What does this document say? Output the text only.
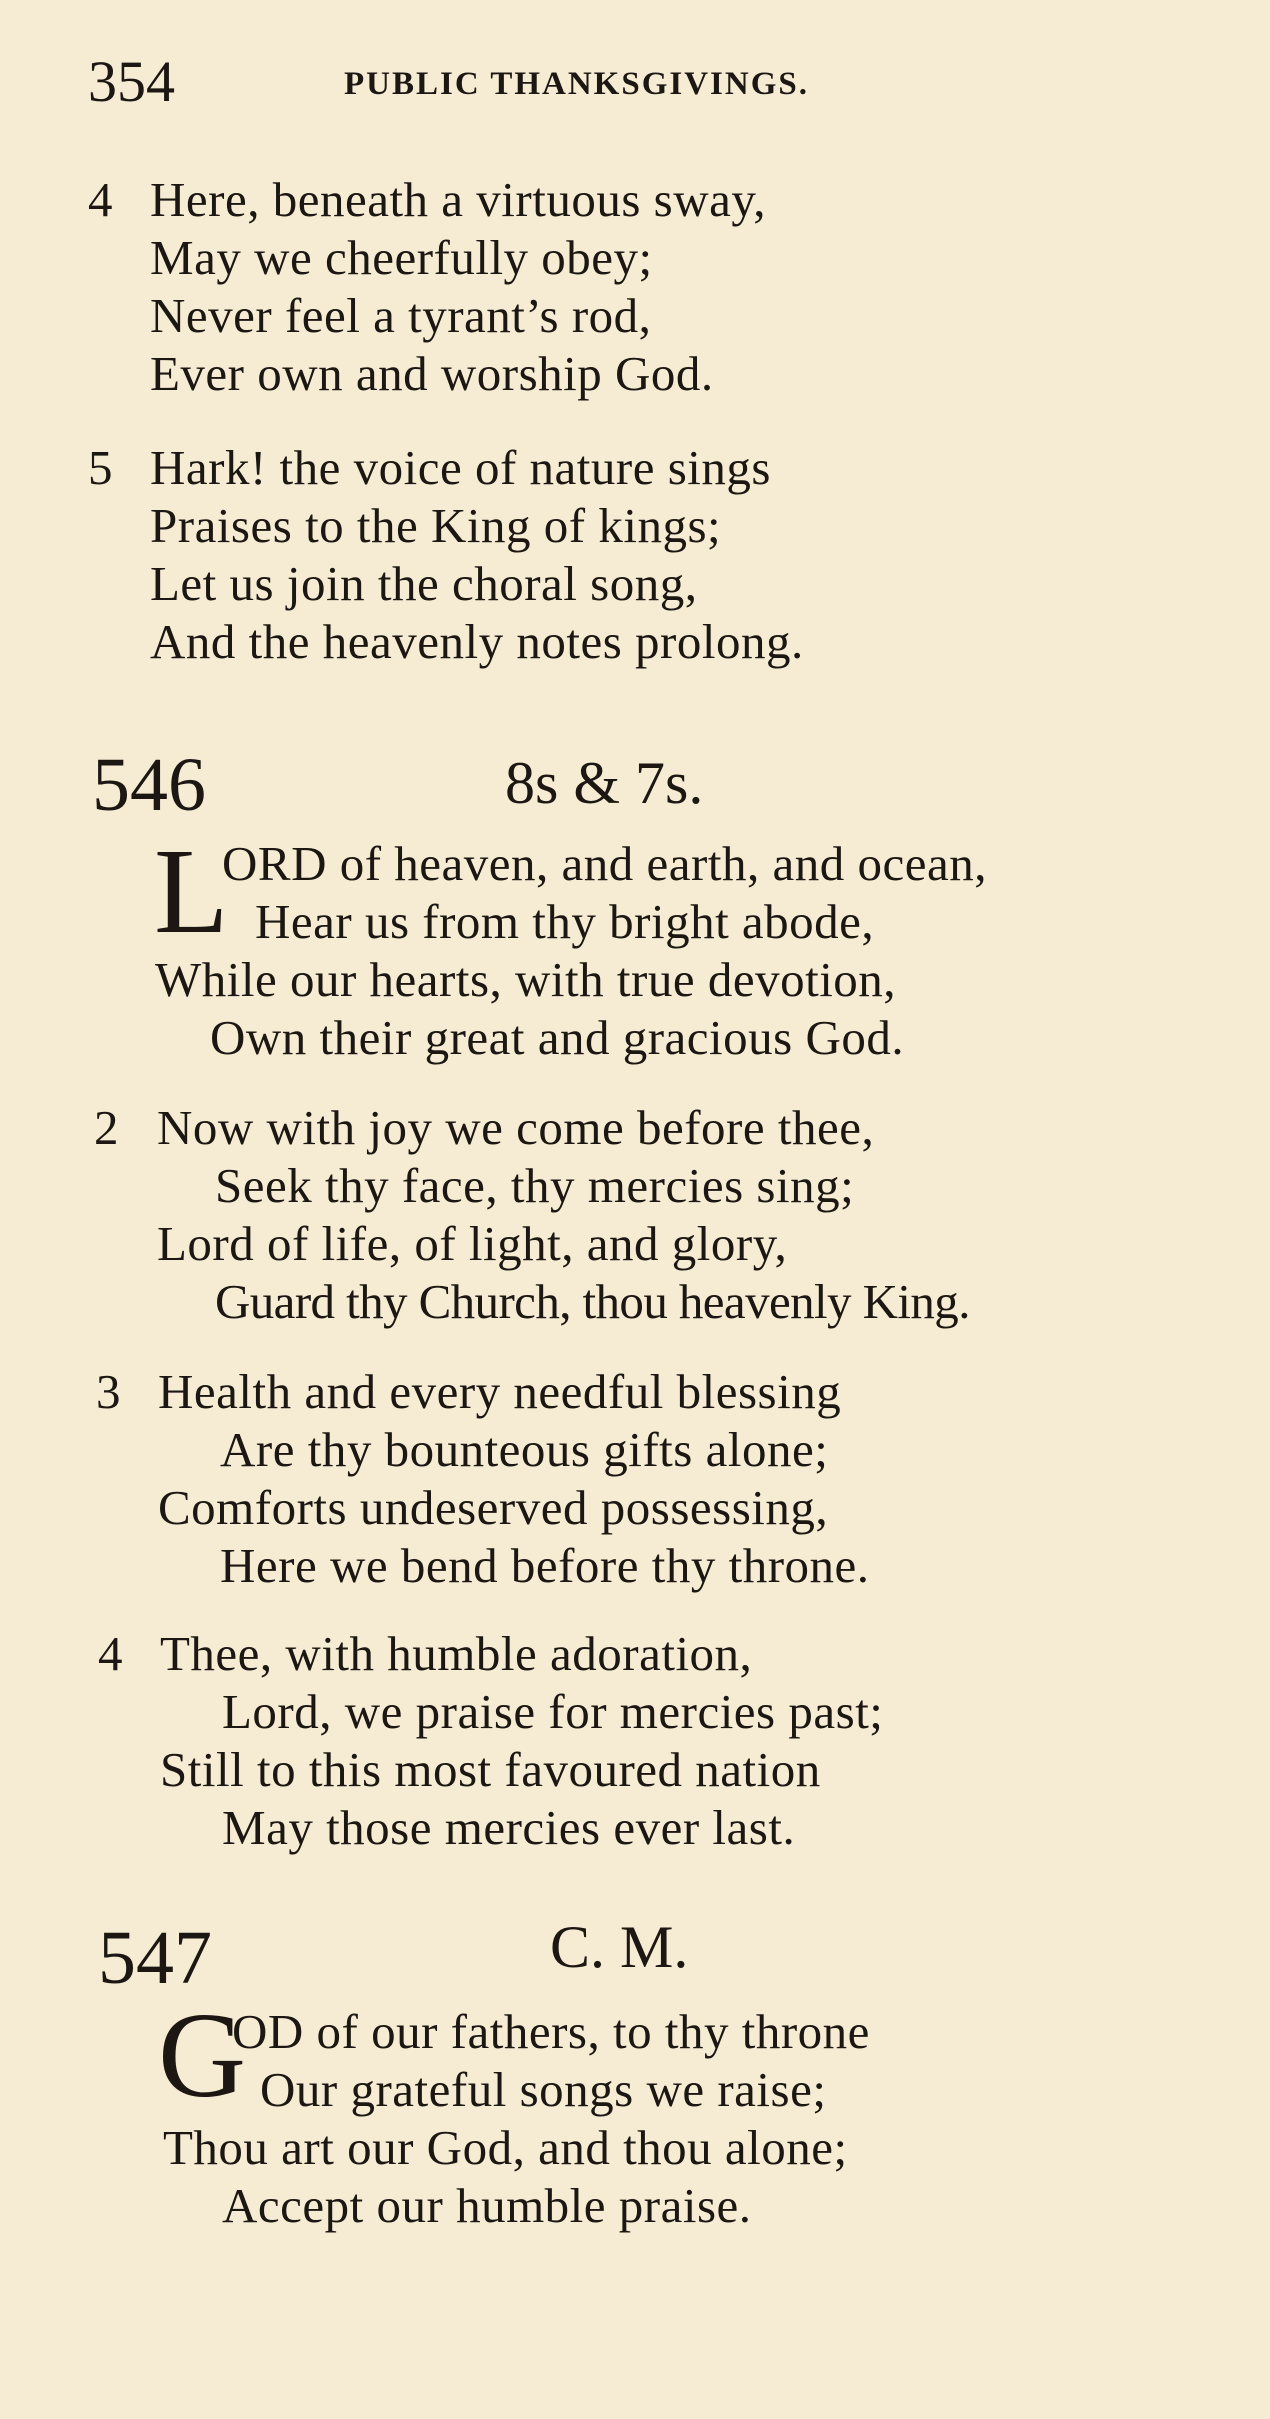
354	PUBLIC THANKSGIVINGS.
4 Here, beneath a virtuous sway,
May we cheerfully obey;
Never feel a tyrant’s rod,
Ever own and worship God.
5 Hark! the voice of nature sings
Praises to the King of kings;
Let us join the choral song,
And the heavenly notes prolong.
546	8s & 7s.
L
ORD of heaven, and earth, and ocean,
Hear us from thy bright abode,
While our hearts, with true devotion,
Own their great and gracious God.
2 Now with joy we come before thee,
Seek thy face, thy mercies sing;
Lord of life, of light, and glory,
Guard thy Church, thou heavenly King.
3 Health and every needful blessing
Are thy bounteous gifts alone;
Comforts undeserved possessing,
Here we bend before thy throne.
4 Thee, with humble adoration,
Lord, we praise for mercies past;
Still to this most favoured nation
May those mercies ever last.
547	C. M.
G
OD of our fathers, to thy throne
Our grateful songs we raise;
Thou art our God, and thou alone;
Accept our humble praise.
